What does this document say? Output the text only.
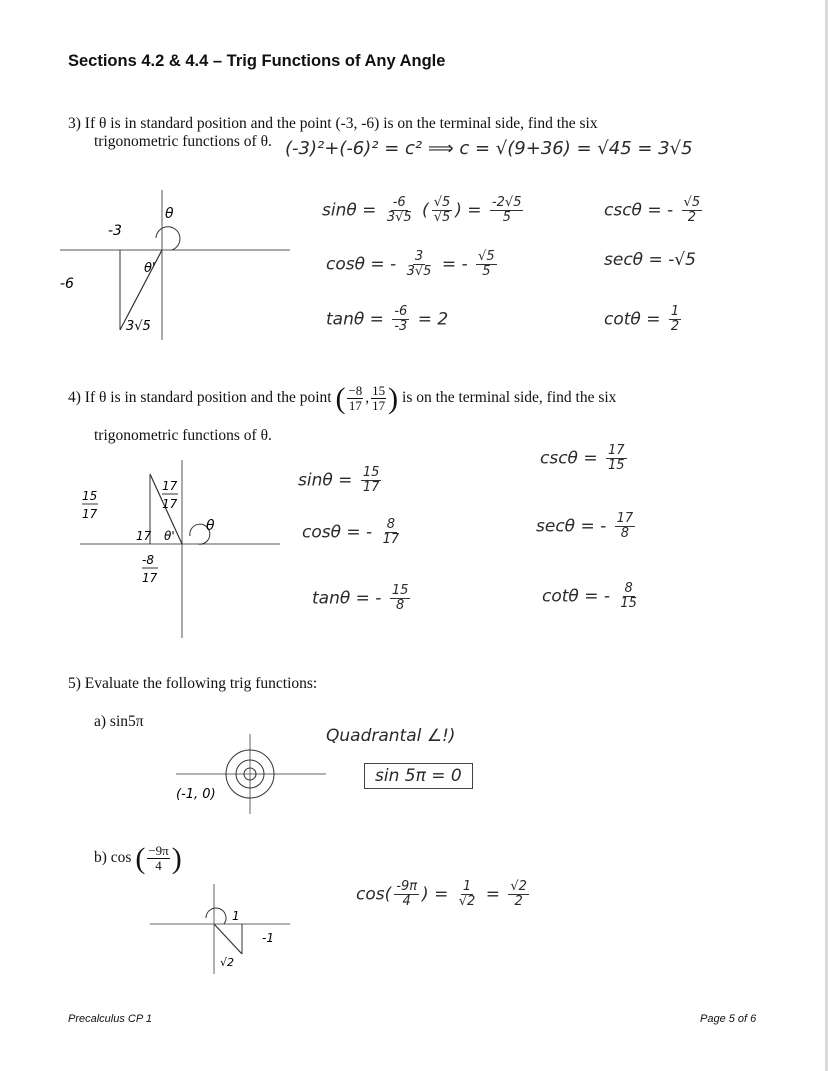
Sections 4.2 & 4.4 – Trig Functions of Any Angle
3) If θ is in standard position and the point (-3, -6) is on the terminal side, find the six
trigonometric functions of θ. (-3)²+(-6)² = c² ⟹ c = √(9+36) = √45 = 3√5
$\sin\theta = \frac{-6}{3√5}$ ( $\frac{√5}{√5}$ ) = $\frac{-2√5}{5}$
cosθ = - $\frac{3}{3√5}$ = - $\frac{√5}{5}$
$\tan\theta = \frac{-6}{-3} = 2$
cscθ = - $\frac{√5}{2}$
secθ = -√5
$\cot\theta = \frac{1}{2}$
-3
-6
3√5
θ
θ'
4) If θ is in standard position and the point ( $\frac{-8}{17}$ , $\frac{15}{17}$ ) is on the terminal side, find the six
trigonometric functions of θ.
$\sin\theta = \frac{15}{17}$
cosθ = - $\frac{8}{17}$
tanθ = - $\frac{15}{8}$
$\csc\theta = \frac{17}{15}$
secθ = - $\frac{17}{8}$
cotθ = - $\frac{8}{15}$
15
17
17
17
17
-8
17
θ
θ'
5) Evaluate the following trig functions:
a) sin5π
Quadrantal ∠!)
sin 5π = 0
(-1, 0)
b) cos ( $\frac{-9\pi}{4}$ )
$\cos( \frac{-9\pi}{4}$ ) = $\frac{1}{√2} = \frac{√2}{2}$
1
√2
-1
Precalculus CP 1	Page 5 of 6
